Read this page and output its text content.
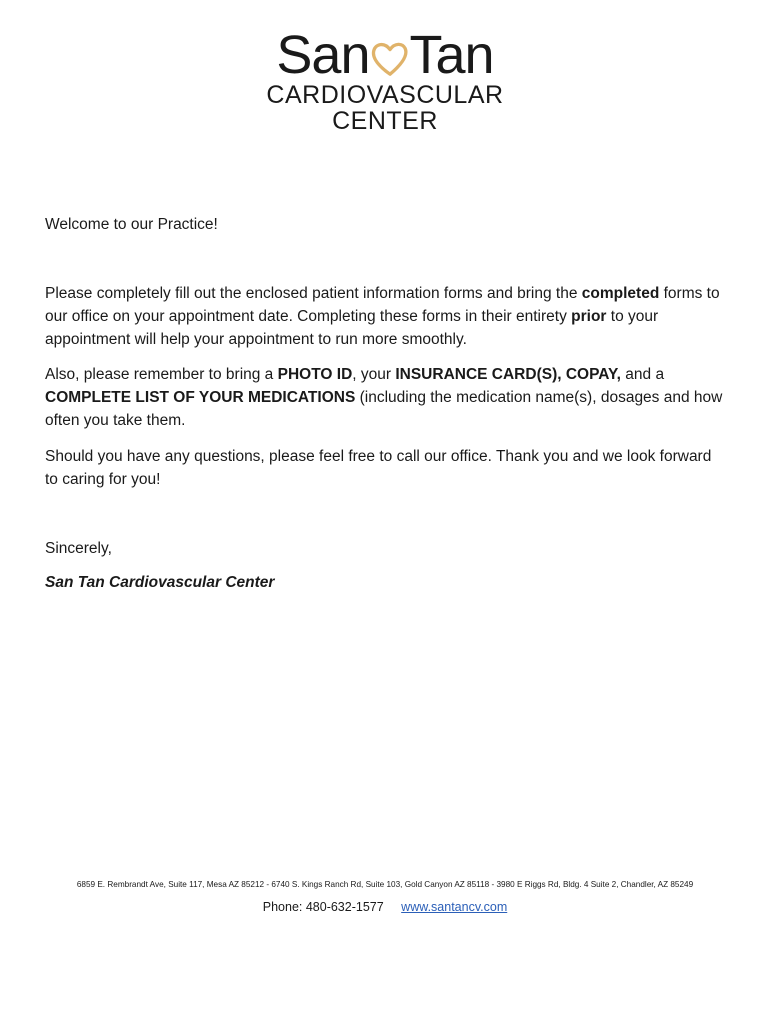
San Tan
CARDIOVASCULAR
CENTER
Welcome to our Practice!

Please completely fill out the enclosed patient information forms and bring the completed forms to our office on your appointment date. Completing these forms in their entirety prior to your appointment will help your appointment to run more smoothly.

Also, please remember to bring a PHOTO ID, your INSURANCE CARD(S), COPAY, and a COMPLETE LIST OF YOUR MEDICATIONS (including the medication name(s), dosages and how often you take them.

Should you have any questions, please feel free to call our office. Thank you and we look forward to caring for you!
Sincerely,
San Tan Cardiovascular Center
6859 E. Rembrandt Ave, Suite 117, Mesa AZ 85212 - 6740 S. Kings Ranch Rd, Suite 103, Gold Canyon AZ 85118 - 3980 E Riggs Rd, Bldg. 4 Suite 2, Chandler, AZ 85249
Phone: 480-632-1577 www.santancv.com
